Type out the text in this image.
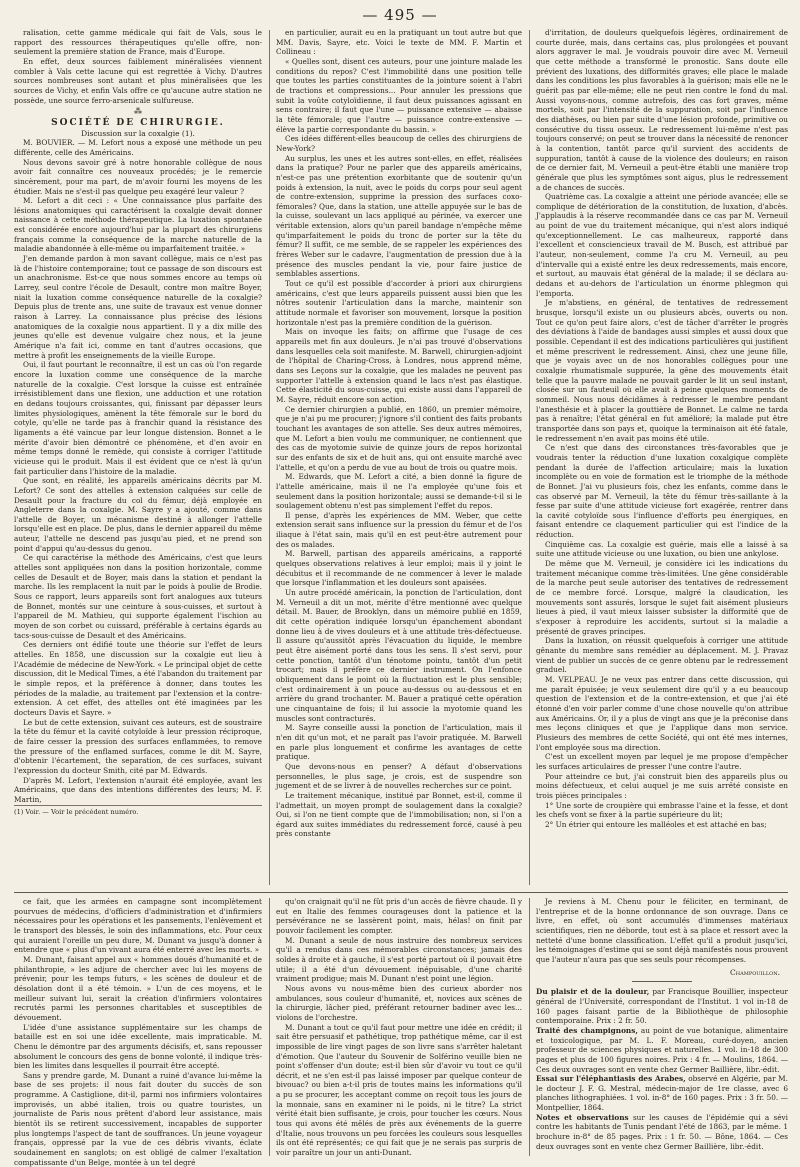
— 495 —

ralisation, cette gamme médicale qui fait de Vals, sous le rapport des ressources thérapeutiques qu'elle offre, non-seulement la première station de France, mais d'Europe.

En effet, deux sources faiblement minéralisées viennent combler à Vals cette lacune qui est regrettée à Vichy. D'autres sources nombreuses sont autant et plus minéralisées que les sources de Vichy, et enfin Vals offre ce qu'aucune autre station ne possède, une source ferro-arsenicale sulfureuse.

⁂

SOCIÉTÉ DE CHIRURGIE.

Discussion sur la coxalgie (1).

M. BOUVIER. — M. Lefort nous a exposé une méthode un peu différente, celle des Américains.

Nous devons savoir gré à notre honorable collègue de nous avoir fait connaître ces nouveaux procédés; je le remercie sincèrement, pour ma part, de m'avoir fourni les moyens de les étudier. Mais ne s'est-il pas quelque peu exagéré leur valeur ?

M. Lefort a dit ceci : « Une connaissance plus parfaite des lésions anatomiques qui caractérisent la coxalgie devait donner naissance à cette méthode thérapeutique. La luxation spontanée est considérée encore aujourd'hui par la plupart des chirurgiens français comme la conséquence de la marche naturelle de la maladie abandonnée à elle-même ou imparfaitement traitée. »

J'en demande pardon à mon savant collègue, mais ce n'est pas là de l'histoire contemporaine; tout ce passage de son discours est un anachronisme. Est-ce que nous sommes encore au temps où Larrey, seul contre l'école de Desault, contre mon maître Boyer, niait la luxation comme conséquence naturelle de la coxalgie? Depuis plus de trente ans, une suite de travaux est venue donner raison à Larrey. La connaissance plus précise des lésions anatomiques de la coxalgie nous appartient. Il y a dix mille des jeunes qu'elle est devenue vulgaire chez nous, et la jeune Amérique n'a fait ici, comme en tant d'autres occasions, que mettre à profit les enseignements de la vieille Europe.

Oui, il faut pourtant le reconnaître, il est un cas où l'on regarde encore la luxation comme une conséquence de la marche naturelle de la coxalgie. C'est lorsque la cuisse est entraînée irrésistiblement dans une flexion, une adduction et une rotation en dedans toujours croissantes, qui, finissant par dépasser leurs limites physiologiques, amènent la tête fémorale sur le bord du cotyle, qu'elle ne tarde pas à franchir quand la résistance des ligaments a été vaincue par leur longue distension. Bonnet a le mérite d'avoir bien démontré ce phénomène, et d'en avoir en même temps donné le remède, qui consiste à corriger l'attitude vicieuse qui le produit. Mais il est évident que ce n'est là qu'un fait particulier dans l'histoire de la maladie.

Que sont, en réalité, les appareils américains décrits par M. Lefort? Ce sont des attelles à extension calquées sur celle de Desault pour la fracture du col du fémur, déjà employée en Angleterre dans la coxalgie. M. Sayre y a ajouté, comme dans l'attelle de Boyer, un mécanisme destiné à allonger l'attelle lorsqu'elle est en place. De plus, dans le dernier appareil du même auteur, l'attelle ne descend pas jusqu'au pied, et ne prend son point d'appui qu'au-dessus du genou.

Ce qui caractérise la méthode des Américains, c'est que leurs attelles sont appliquées non dans la position horizontale, comme celles de Desault et de Boyer, mais dans la station et pendant la marche. Ils les remplacent la nuit par le poids à poulie de Brodie. Sous ce rapport, leurs appareils sont fort analogues aux tuteurs de Bonnet, montés sur une ceinture à sous-cuisses, et surtout à l'appareil de M. Mathieu, qui supporte également l'ischion au moyen de son corbet ou cuissard, préférable à certains égards au tacs-sous-cuisse de Desault et des Américains.

Ces derniers ont édifié toute une théorie sur l'effet de leurs attelles. En 1858, une discussion sur la coxalgie eut lieu à l'Académie de médecine de New-York. « Le principal objet de cette discussion, dit le Medical Times, a été l'abandon du traitement par le simple repos, et la préférence à donner, dans toutes les périodes de la maladie, au traitement par l'extension et la contre-extension. A cet effet, des attelles ont été imaginées par les docteurs Davis et Sayre. »

Le but de cette extension, suivant ces auteurs, est de soustraire la tête du fémur et la cavité cotyloïde à leur pression réciproque, de faire cesser la pression des surfaces enflammées, to remove the pressure of the enflamed surfaces, comme le dit M. Sayre, d'obtenir l'écartement, the separation, de ces surfaces, suivant l'expression du docteur Smith, cité par M. Edwards.

D'après M. Lefort, l'extension n'aurait été employée, avant les Américains, que dans des intentions différentes des leurs; M. F. Martin,

(1) Voir. — Voir le précédent numéro.

en particulier, aurait eu en la pratiquant un tout autre but que MM. Davis, Sayre, etc. Voici le texte de MM. F. Martin et Collineau :

« Quelles sont, disent ces auteurs, pour une jointure malade les conditions du repos? C'est l'immobilité dans une position telle que toutes les parties constituantes de la jointure soient à l'abri de tractions et compressions... Pour annuler les pressions que subit la voûte cotyloïdienne, il faut deux puissances agissant en sens contraire; il faut que l'une — puissance extensive — abaisse la tête fémorale; que l'autre — puissance contre-extensive — élève la partie correspondante du bassin. »

Ces idées différent-elles beaucoup de celles des chirurgiens de New-York?

Au surplus, les unes et les autres sont-elles, en effet, réalisées dans la pratique? Pour ne parler que des appareils américains, n'est-ce pas une prétention exorbitante que de soutenir qu'un poids à extension, la nuit, avec le poids du corps pour seul agent de contre-extension, supprime la pression des surfaces coxo-fémorales? Que, dans la station, une attelle appuyée sur le bas de la cuisse, soulevant un lacs appliqué au périnée, va exercer une véritable extension, alors qu'un pareil bandage n'empêche même qu'imparfaitement le poids du tronc de porter sur la tête du fémur? Il suffit, ce me semble, de se rappeler les expériences des frères Weber sur le cadavre, l'augmentation de pression due à la présence des muscles pendant la vie, pour faire justice de semblables assertions.

Tout ce qu'il est possible d'accorder à priori aux chirurgiens américains, c'est que leurs appareils puissent aussi bien que les nôtres soutenir l'articulation dans la marche, maintenir son attitude normale et favoriser son mouvement, lorsque la position horizontale n'est pas la première condition de la guérison.

Mais on invoque les faits; on affirme que l'usage de ces appareils met fin aux douleurs. Je n'ai pas trouvé d'observations dans lesquelles cela soit manifeste. M. Barwell, chirurgien-adjoint de l'hôpital de Charing-Cross, à Londres, nous apprend même, dans ses Leçons sur la coxalgie, que les malades ne peuvent pas supporter l'attelle à extension quand le lacs n'est pas élastique. Cette élasticité du sous-cuisse, qui existe aussi dans l'appareil de M. Sayre, réduit encore son action.

Ce dernier chirurgien a publié, en 1860, un premier mémoire, que je n'ai pu me procurer; j'ignore s'il contient des faits probants touchant les avantages de son attelle. Ses deux autres mémoires, que M. Lefort a bien voulu me communiquer, ne contiennent que des cas de myotomie suivie de quinze jours de repos horizontal sur des enfants de six et de huit ans, qui ont ensuite marché avec l'attelle, et qu'on a perdu de vue au bout de trois ou quatre mois.

M. Edwards, que M. Lefort a cité, a bien donné la figure de l'attelle américaine, mais il ne l'a employée qu'une fois et seulement dans la position horizontale; aussi se demande-t-il si le soulagement obtenu n'est pas simplement l'effet du repos.

Il pense, d'après les expériences de MM. Weber, que cette extension serait sans influence sur la pression du fémur et de l'os iliaque à l'état sain, mais qu'il en est peut-être autrement pour des os malades.

M. Barwell, partisan des appareils américains, a rapporté quelques observations relatives à leur emploi; mais il y joint le décubitus et il recommande de ne commencer à lever le malade que lorsque l'inflammation et les douleurs sont apaisées.

Un autre procédé américain, la ponction de l'articulation, dont M. Verneuil a dit un mot, mérite d'être mentionné avec quelque détail. M. Bauer, de Brooklyn, dans un mémoire publié en 1859, dit cette opération indiquée lorsqu'un épanchement abondant donne lieu à de vives douleurs et à une attitude très-défectueuse. Il assure qu'aussitôt après l'évacuation du liquide, le membre peut être aisément porté dans tous les sens. Il s'est servi, pour cette ponction, tantôt d'un ténotome pointu, tantôt d'un petit trocart; mais il préfère ce dernier instrument. On l'enfonce obliquement dans le point où la fluctuation est le plus sensible; c'est ordinairement à un pouce au-dessus ou au-dessous et en arrière du grand trochanter. M. Bauer a pratiqué cette opération une cinquantaine de fois; il lui associe la myotomie quand les muscles sont contracturés.

M. Sayre conseille aussi la ponction de l'articulation, mais il n'en dit qu'un mot, et ne paraît pas l'avoir pratiquée. M. Barwell en parle plus longuement et confirme les avantages de cette pratique.

Que devons-nous en penser? A défaut d'observations personnelles, le plus sage, je crois, est de suspendre son jugement et de se livrer à de nouvelles recherches sur ce point.

Le traitement mécanique, institué par Bonnet, est-il, comme il l'admettait, un moyen prompt de soulagement dans la coxalgie? Oui, si l'on ne tient compte que de l'immobilisation; non, si l'on a égard aux suites immédiates du redressement forcé, causé à peu près constante

d'irritation, de douleurs quelquefois légères, ordinairement de courte durée, mais, dans certains cas, plus prolongées et pouvant alors aggraver le mal. Je voudrais pouvoir dire avec M. Verneuil que cette méthode a transformé le pronostic. Sans doute elle prévient des luxations, des difformités graves; elle place le malade dans les conditions les plus favorables à la guérison; mais elle ne le guérit pas par elle-même; elle ne peut rien contre le fond du mal. Aussi voyons-nous, comme autrefois, des cas fort graves, même mortels, soit par l'intensité de la suppuration, soit par l'influence des diathèses, ou bien par suite d'une lésion profonde, primitive ou consécutive du tissu osseux. Le redressement lui-même n'est pas toujours conservé; on peut se trouver dans la nécessité de renoncer à la contention, tantôt parce qu'il survient des accidents de suppuration, tantôt à cause de la violence des douleurs; en raison de ce dernier fait, M. Verneuil a peut-être établi une manière trop générale que plus les symptômes sont aigus, plus le redressement a de chances de succès.

Quatrième cas. La coxalgie a atteint une période avancée; elle se complique de détérioration de la constitution, de luxation, d'abcès. J'applaudis à la réserve recommandée dans ce cas par M. Verneuil au point de vue du traitement mécanique, qui n'est alors indiqué qu'exceptionnellement. Le cas malheureux, rapporté dans l'excellent et consciencieux travail de M. Busch, est attribué par l'auteur, non-seulement, comme l'a cru M. Verneuil, au peu d'intervalle qui a existé entre les deux redressements, mais encore, et surtout, au mauvais état général de la malade; il se déclara au-dedans et au-dehors de l'articulation un énorme phlegmon qui l'emporta.

Je m'abstiens, en général, de tentatives de redressement brusque, lorsqu'il existe un ou plusieurs abcès, ouverts ou non. Tout ce qu'on peut faire alors, c'est de tâcher d'arrêter le progrès des déviations à l'aide de bandages aussi simples et aussi doux que possible. Cependant il est des indications particulières qui justifient et même prescrivent le redressement. Ainsi, chez une jeune fille, que je voyais avec un de nos honorables collègues pour une coxalgie rhumatismale suppurée, la gêne des mouvements était telle que la pauvre malade ne pouvait garder le lit un seul instant, closée sur un fauteuil où elle avait à peine quelques moments de sommeil. Nous nous décidâmes à redresser le membre pendant l'anesthésie et à placer la gouttière de Bonnet. Le calme ne tarda pas à renaître; l'état général en fut amélioré; la malade put être transportée dans son pays et, quoique la terminaison ait été fatale, le redressement n'en avait pas moins été utile.

Ce n'est que dans des circonstances très-favorables que je voudrais tenter la réduction d'une luxation coxalgique complète pendant la durée de l'affection articulaire; mais la luxation incomplète ou en voie de formation est le triomphe de la méthode de Bonnet. J'ai vu plusieurs fois, chez les enfants, comme dans le cas observé par M. Verneuil, la tête du fémur très-saillante à la fesse par suite d'une attitude vicieuse fort exagérée, rentrer dans la cavité cotyloïde sous l'influence d'efforts peu énergiques, en faisant entendre ce claquement particulier qui est l'indice de la réduction.

Cinquième cas. La coxalgie est guérie, mais elle a laissé à sa suite une attitude vicieuse ou une luxation, ou bien une ankylose.

De même que M. Verneuil, je considère ici les indications du traitement mécanique comme très-limitées. Une gêne considérable de la marche peut seule autoriser des tentatives de redressement de ce membre forcé. Lorsque, malgré la claudication, les mouvements sont assurés, lorsque le sujet fait aisément plusieurs lieues à pied, il vaut mieux laisser subsister la difformité que de s'exposer à reproduire les accidents, surtout si la maladie a présenté de graves principes.

Dans la luxation, on réussit quelquefois à corriger une attitude gênante du membre sans remédier au déplacement. M. J. Pravaz vient de publier un succès de ce genre obtenu par le redressement graduel.

M. VELPEAU. Je ne veux pas entrer dans cette discussion, qui me paraît épuisée; je veux seulement dire qu'il y a eu beaucoup question de l'extension et de la contre-extension, et que j'ai été étonné d'en voir parler comme d'une chose nouvelle qu'on attribue aux Américains. Or, il y a plus de vingt ans que je la préconise dans mes leçons cliniques et que je l'applique dans mon service. Plusieurs des membres de cette Société, qui ont été mes internes, l'ont employée sous ma direction.

C'est un excellent moyen par lequel je me propose d'empêcher les surfaces articulaires de presser l'une contre l'autre.

Pour atteindre ce but, j'ai construit bien des appareils plus ou moins défectueux, et celui auquel je me suis arrêté consiste en trois pièces principales :

1° Une sorte de croupière qui embrasse l'aine et la fesse, et dont les chefs vont se fixer à la partie supérieure du lit;

2° Un étrier qui entoure les malléoles et est attaché en bas;

ce fait, que les armées en campagne sont incomplètement pourvues de médecins, d'officiers d'administration et d'infirmiers nécessaires pour les opérations et les pansements, l'enlèvement et le transport des blessés, le soin des inflammations, etc. Pour ceux qui auraient l'oreille un peu dure, M. Dunant va jusqu'à donner à entendre que « plus d'un vivant aura été enterré avec les morts. »

M. Dunant, faisant appel aux « hommes doués d'humanité et de philanthropie, » les adjure de chercher avec lui les moyens de prévenir, pour les temps futurs, « les scènes de douleur et de désolation dont il a été témoin. » L'un de ces moyens, et le meilleur suivant lui, serait la création d'infirmiers volontaires recrutés parmi les personnes charitables et susceptibles de dévouement.

L'idée d'une assistance supplémentaire sur les champs de bataille est en soi une idée excellente, mais impraticable. M. Chenu le démontre par des arguments décisifs, et, sans repousser absolument le concours des gens de bonne volonté, il indique très-bien les limites dans lesquelles il pourrait être accepté.

Sans y prendre garde, M. Dunant a ruiné d'avance lui-même la base de ses projets: il nous fait douter du succès de son programme. A Castiglione, dit-il, parmi nos infirmiers volontaires improvisés, un abbé italien, trois ou quatre touristes, un journaliste de Paris nous prêtent d'abord leur assistance, mais bientôt ils se retirent successivement, incapables de supporter plus longtemps l'aspect de tant de souffrances. Un jeune voyageur français, oppressé par la vue de ces débris vivants, éclate soudainement en sanglots; on est obligé de calmer l'exaltation compatissante d'un Belge, montée à un tel degré

qu'on craignait qu'il ne fût pris d'un accès de fièvre chaude. Il y eut en Italie des femmes courageuses dont la patience et la persévérance ne se lassèrent point, mais, hélas! on finit par pouvoir facilement les compter.

M. Dunant a seule de nous instruire des nombreux services qu'il a rendus dans ces mémorables circonstances; jamais des soldes à droite et à gauche, il s'est porté partout où il pouvait être utile; il a été d'un dévouement inépuisable, d'une charité vraiment prodigue; mais M. Dunant n'est point une légion.

Nous avons vu nous-même bien des curieux aborder nos ambulances, sous couleur d'humanité, et, novices aux scènes de la chirurgie, lâcher pied, préférant retourner badiner avec les... violons de l'orchestre.

M. Dunant a tout ce qu'il faut pour mettre une idée en crédit; il sait être persuasif et pathétique, trop pathétique même, car il est impossible de lire vingt pages de son livre sans s'arrêter haletant d'émotion. Que l'auteur du Souvenir de Solférino veuille bien ne point s'offenser d'un doute; est-il bien sûr d'avoir vu tout ce qu'il décrit, et ne s'en est-il pas laissé imposer par quelque conteur de bivouac? ou bien a-t-il pris de toutes mains les informations qu'il a pu se procurer, les acceptant comme on reçoit tous les jours de la monnaie, sans en examiner ni le poids, ni le titre? La strict vérité était bien suffisante, je crois, pour toucher les cœurs. Nous tous qui avons été mêlés de près aux événements de la guerre d'Italie, nous trouvons un peu forcées les couleurs sous lesquelles ils ont été représentés; ce qui fait que je ne serais pas surpris de voir paraître un jour un anti-Dunant.

Je reviens à M. Chenu pour le féliciter, en terminant, de l'entreprise et de la bonne ordonnance de son ouvrage. Dans ce livre, en effet, où sont accumulés d'immenses matériaux scientifiques, rien ne déborde, tout est à sa place et ressort avec la netteté d'une bonne classification. L'effet qu'il a produit jusqu'ici, les témoignages d'estime qui se sont déjà manifestés nous prouvent que l'auteur n'aura pas que ses seuls pour récompenses.

Champouillon.

Du plaisir et de la douleur, par Francisque Bouillier, inspecteur général de l'Université, correspondant de l'Institut. 1 vol in-18 de 160 pages faisant partie de la Bibliothèque de philosophie contemporaine. Prix : 2 fr. 50.

Traité des champignons, au point de vue botanique, alimentaire et toxicologique, par M. L. F. Moreau, curé-doyen, ancien professeur de sciences physiques et naturelles. 1 vol. in-18 de 300 pages et plus de 100 figures noires. Prix : 4 fr. — Moulins, 1864. — Ces deux ouvrages sont en vente chez Germer Baillière, libr.-édit.

Essai sur l'éléphantiasis des Arabes, observé en Algérie, par M. le docteur J. F. G. Mestral, médecin-major de 1re classe, avec 6 planches lithographiées. 1 vol. in-8° de 160 pages. Prix : 3 fr. 50. — Montpellier, 1864.

Notes et observations sur les causes de l'épidémie qui a sévi contre les habitants de Tunis pendant l'été de 1863, par le même. 1 brochure in-8° de 85 pages. Prix : 1 fr. 50. — Bône, 1864. — Ces deux ouvrages sont en vente chez Germer Baillière, libr.-édit.
